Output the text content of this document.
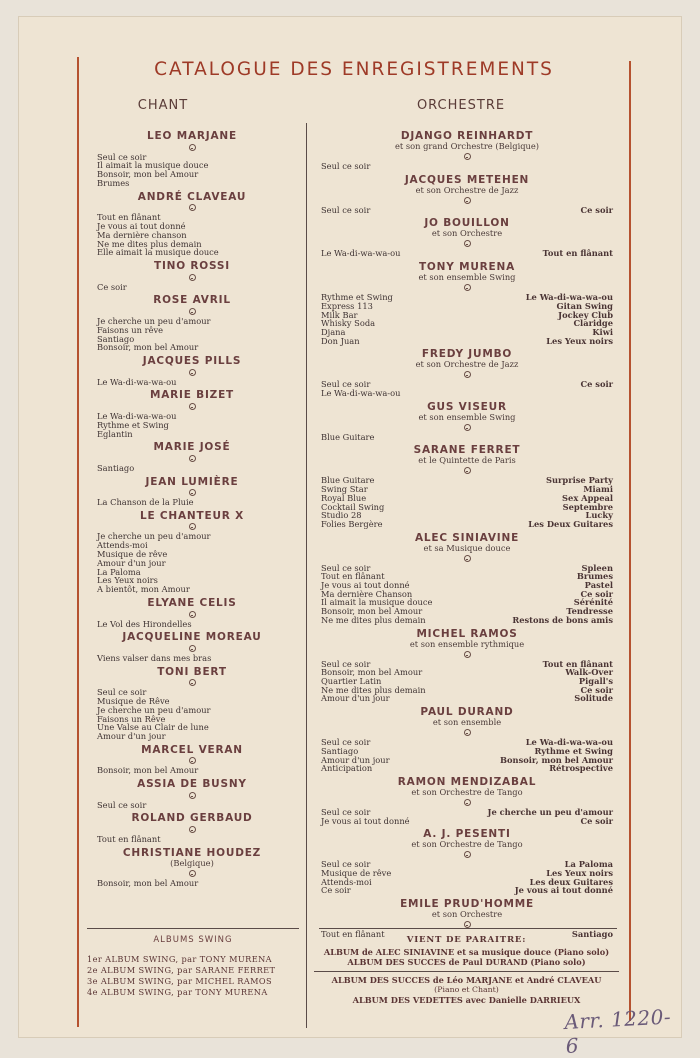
CATALOGUE DES ENREGISTREMENTS
CHANT	ORCHESTRE
LEO MARJANE
Seul ce soir
Il aimait la musique douce
Bonsoir, mon bel Amour
Brumes
ANDRÉ CLAVEAU
Tout en flânant
Je vous ai tout donné
Ma dernière chanson
Ne me dites plus demain
Elle aimait la musique douce
TINO ROSSI
Ce soir
ROSE AVRIL
Je cherche un peu d'amour
Faisons un rêve
Santiago
Bonsoir, mon bel Amour
JACQUES PILLS
Le Wa-di-wa-wa-ou
MARIE BIZET
Le Wa-di-wa-wa-ou
Rythme et Swing
Eglantin
MARIE JOSÉ
Santiago
JEAN LUMIÈRE
La Chanson de la Pluie
LE CHANTEUR X
Je cherche un peu d'amour
Attends-moi
Musique de rêve
Amour d'un jour
La Paloma
Les Yeux noirs
A bientôt, mon Amour
ELYANE CELIS
Le Vol des Hirondelles
JACQUELINE MOREAU
Viens valser dans mes bras
TONI BERT
Seul ce soir
Musique de Rêve
Je cherche un peu d'amour
Faisons un Rêve
Une Valse au Clair de lune
Amour d'un jour
MARCEL VERAN
Bonsoir, mon bel Amour
ASSIA DE BUSNY
Seul ce soir
ROLAND GERBAUD
Tout en flânant
CHRISTIANE HOUDEZ
(Belgique)
Bonsoir, mon bel Amour
DJANGO REINHARDT
et son grand Orchestre (Belgique)
Seul ce soir
JACQUES METEHEN
et son Orchestre de Jazz
Seul ce soir	Ce soir
JO BOUILLON
et son Orchestre
Le Wa-di-wa-wa-ou	Tout en flânant
TONY MURENA
et son ensemble Swing
Rythme et Swing	Le Wa-di-wa-wa-ou
Express 113	Gitan Swing
Milk Bar	Jockey Club
Whisky Soda	Claridge
Djana	Kiwi
Don Juan	Les Yeux noirs
FREDY JUMBO
et son Orchestre de Jazz
Seul ce soir	Ce soir
Le Wa-di-wa-wa-ou
GUS VISEUR
et son ensemble Swing
Blue Guitare
SARANE FERRET
et le Quintette de Paris
Blue Guitare	Surprise Party
Swing Star	Miami
Royal Blue	Sex Appeal
Cocktail Swing	Septembre
Studio 28	Lucky
Folies Bergère	Les Deux Guitares
ALEC SINIAVINE
et sa Musique douce
Seul ce soir	Spleen
Tout en flânant	Brumes
Je vous ai tout donné	Pastel
Ma dernière Chanson	Ce soir
Il aimait la musique douce	Sérénité
Bonsoir, mon bel Amour	Tendresse
Ne me dites plus demain	Restons de bons amis
MICHEL RAMOS
et son ensemble rythmique
Seul ce soir	Tout en flânant
Bonsoir, mon bel Amour	Walk-Over
Quartier Latin	Pigall's
Ne me dites plus demain	Ce soir
Amour d'un jour	Solitude
PAUL DURAND
et son ensemble
Seul ce soir	Le Wa-di-wa-wa-ou
Santiago	Rythme et Swing
Amour d'un jour	Bonsoir, mon bel Amour
Anticipation	Rétrospective
RAMON MENDIZABAL
et son Orchestre de Tango
Seul ce soir	Je cherche un peu d'amour
Je vous ai tout donné	Ce soir
A. J. PESENTI
et son Orchestre de Tango
Seul ce soir	La Paloma
Musique de rêve	Les Yeux noirs
Attends-moi	Les deux Guitares
Ce soir	Je vous ai tout donné
EMILE PRUD'HOMME
et son Orchestre
Tout en flânant	Santiago
ALBUMS SWING
1er ALBUM SWING, par TONY MURENA
2e ALBUM SWING, par SARANE FERRET
3e ALBUM SWING, par MICHEL RAMOS
4e ALBUM SWING, par TONY MURENA
VIENT DE PARAITRE:
ALBUM de ALEC SINIAVINE et sa musique douce (Piano solo)
ALBUM DES SUCCES de Paul DURAND (Piano solo)
ALBUM DES SUCCES de Léo MARJANE et André CLAVEAU
(Piano et Chant)
ALBUM DES VEDETTES avec Danielle DARRIEUX
Arr. 1220-6
